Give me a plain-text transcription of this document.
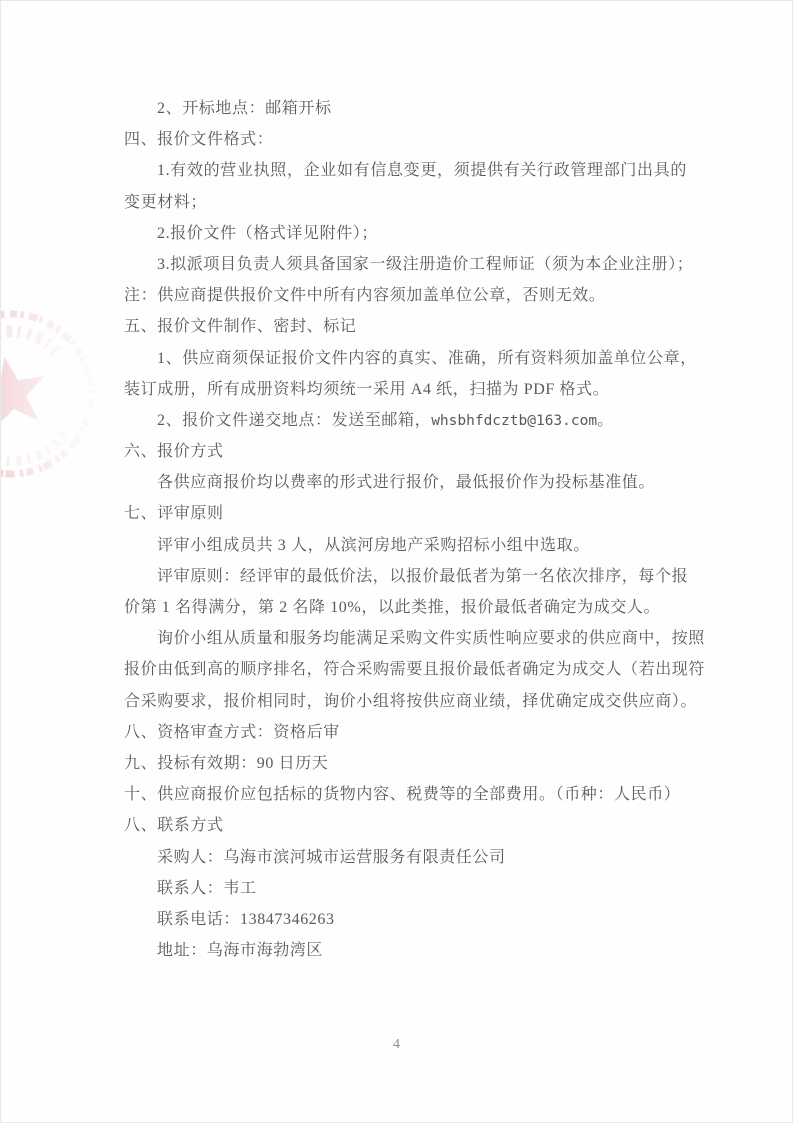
2、开标地点：邮箱开标

四、报价文件格式：

1.有效的营业执照，企业如有信息变更，须提供有关行政管理部门出具的

变更材料；

2.报价文件（格式详见附件）；

3.拟派项目负责人须具备国家一级注册造价工程师证（须为本企业注册）；

注：供应商提供报价文件中所有内容须加盖单位公章，否则无效。

五、报价文件制作、密封、标记

1、供应商须保证报价文件内容的真实、准确，所有资料须加盖单位公章，

装订成册，所有成册资料均须统一采用 A4 纸，扫描为 PDF 格式。

2、报价文件递交地点：发送至邮箱，whsbhfdcztb@163.com。

六、报价方式

各供应商报价均以费率的形式进行报价，最低报价作为投标基准值。

七、评审原则

评审小组成员共 3 人，从滨河房地产采购招标小组中选取。

评审原则：经评审的最低价法，以报价最低者为第一名依次排序，每个报

价第 1 名得满分，第 2 名降 10%，以此类推，报价最低者确定为成交人。

询价小组从质量和服务均能满足采购文件实质性响应要求的供应商中，按照

报价由低到高的顺序排名，符合采购需要且报价最低者确定为成交人（若出现符

合采购要求，报价相同时，询价小组将按供应商业绩，择优确定成交供应商）。

八、资格审查方式：资格后审

九、投标有效期：90 日历天

十、供应商报价应包括标的货物内容、税费等的全部费用。（币种：人民币）

八、联系方式

采购人：乌海市滨河城市运营服务有限责任公司

联系人：韦工

联系电话：13847346263

地址：乌海市海勃湾区

4
